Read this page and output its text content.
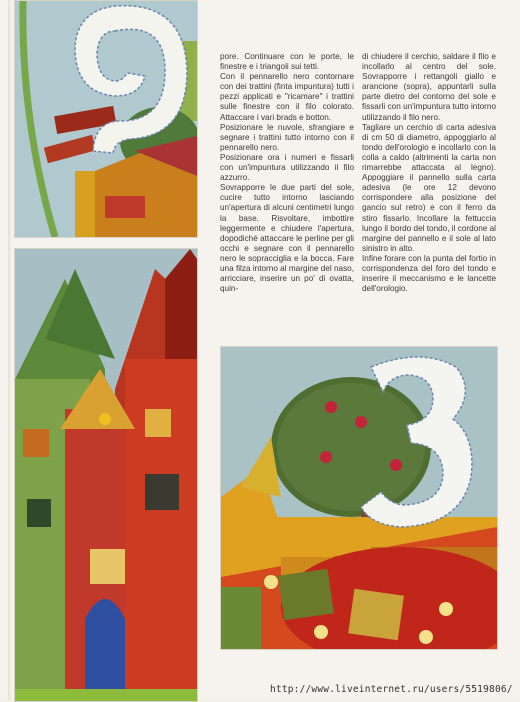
pore. Continuare con le porte, le finestre e i triangoli sui tetti.

Con il pennarello nero contornare con dei trattini (finta impuntura) tutti i pezzi applicati e "ricamare" i trattini sulle finestre con il filo colorato. Attaccare i vari brads e botton.

Posizionare le nuvole, sfrangiare e segnare i trattini tutto intorno con il pennarello nero.

Posizionare ora i numeri e fissarli con un'impuntura utilizzando il filo azzurro.

Sovrapporre le due parti del sole, cucire tutto intorno lasciando un'apertura di alcuni centimetri lungo la base. Risvoltare, imbottire leggermente e chiudere l'apertura, dopodiché attaccare le perline per gli occhi e segnare con il pennarello nero le sopracciglia e la bocca. Fare una filza intorno al margine del naso, arricciare, inserire un po' di ovatta, quin-

di chiudere il cerchio, saldare il filo e incollarlo al centro del sole. Sovrapporre i rettangoli giallo e arancione (sopra), appuntarli sulla parte dietro del contorno del sole e fissarli con un'impuntura tutto intorno utilizzando il filo nero.

Tagliare un cerchio di carta adesiva di cm 50 di diametro, appoggiarlo al tondo dell'orologio e incollarlo con la colla a caldo (altrimenti la carta non rimarrebbe attaccata al legno). Appoggiare il pannello sulla carta adesiva (le ore 12 devono corrispondere alla posizione del gancio sul retro) e con il ferro da stiro fissarlo. Incollare la fettuccia lungo il bordo del tondo, il cordone al margine del pannello e il sole al lato sinistro in alto.

Infine forare con la punta del fortio in corrispondenza del foro del tondo e inserire il meccanismo e le lancette dell'orologio.

http://www.liveinternet.ru/users/5519806/
